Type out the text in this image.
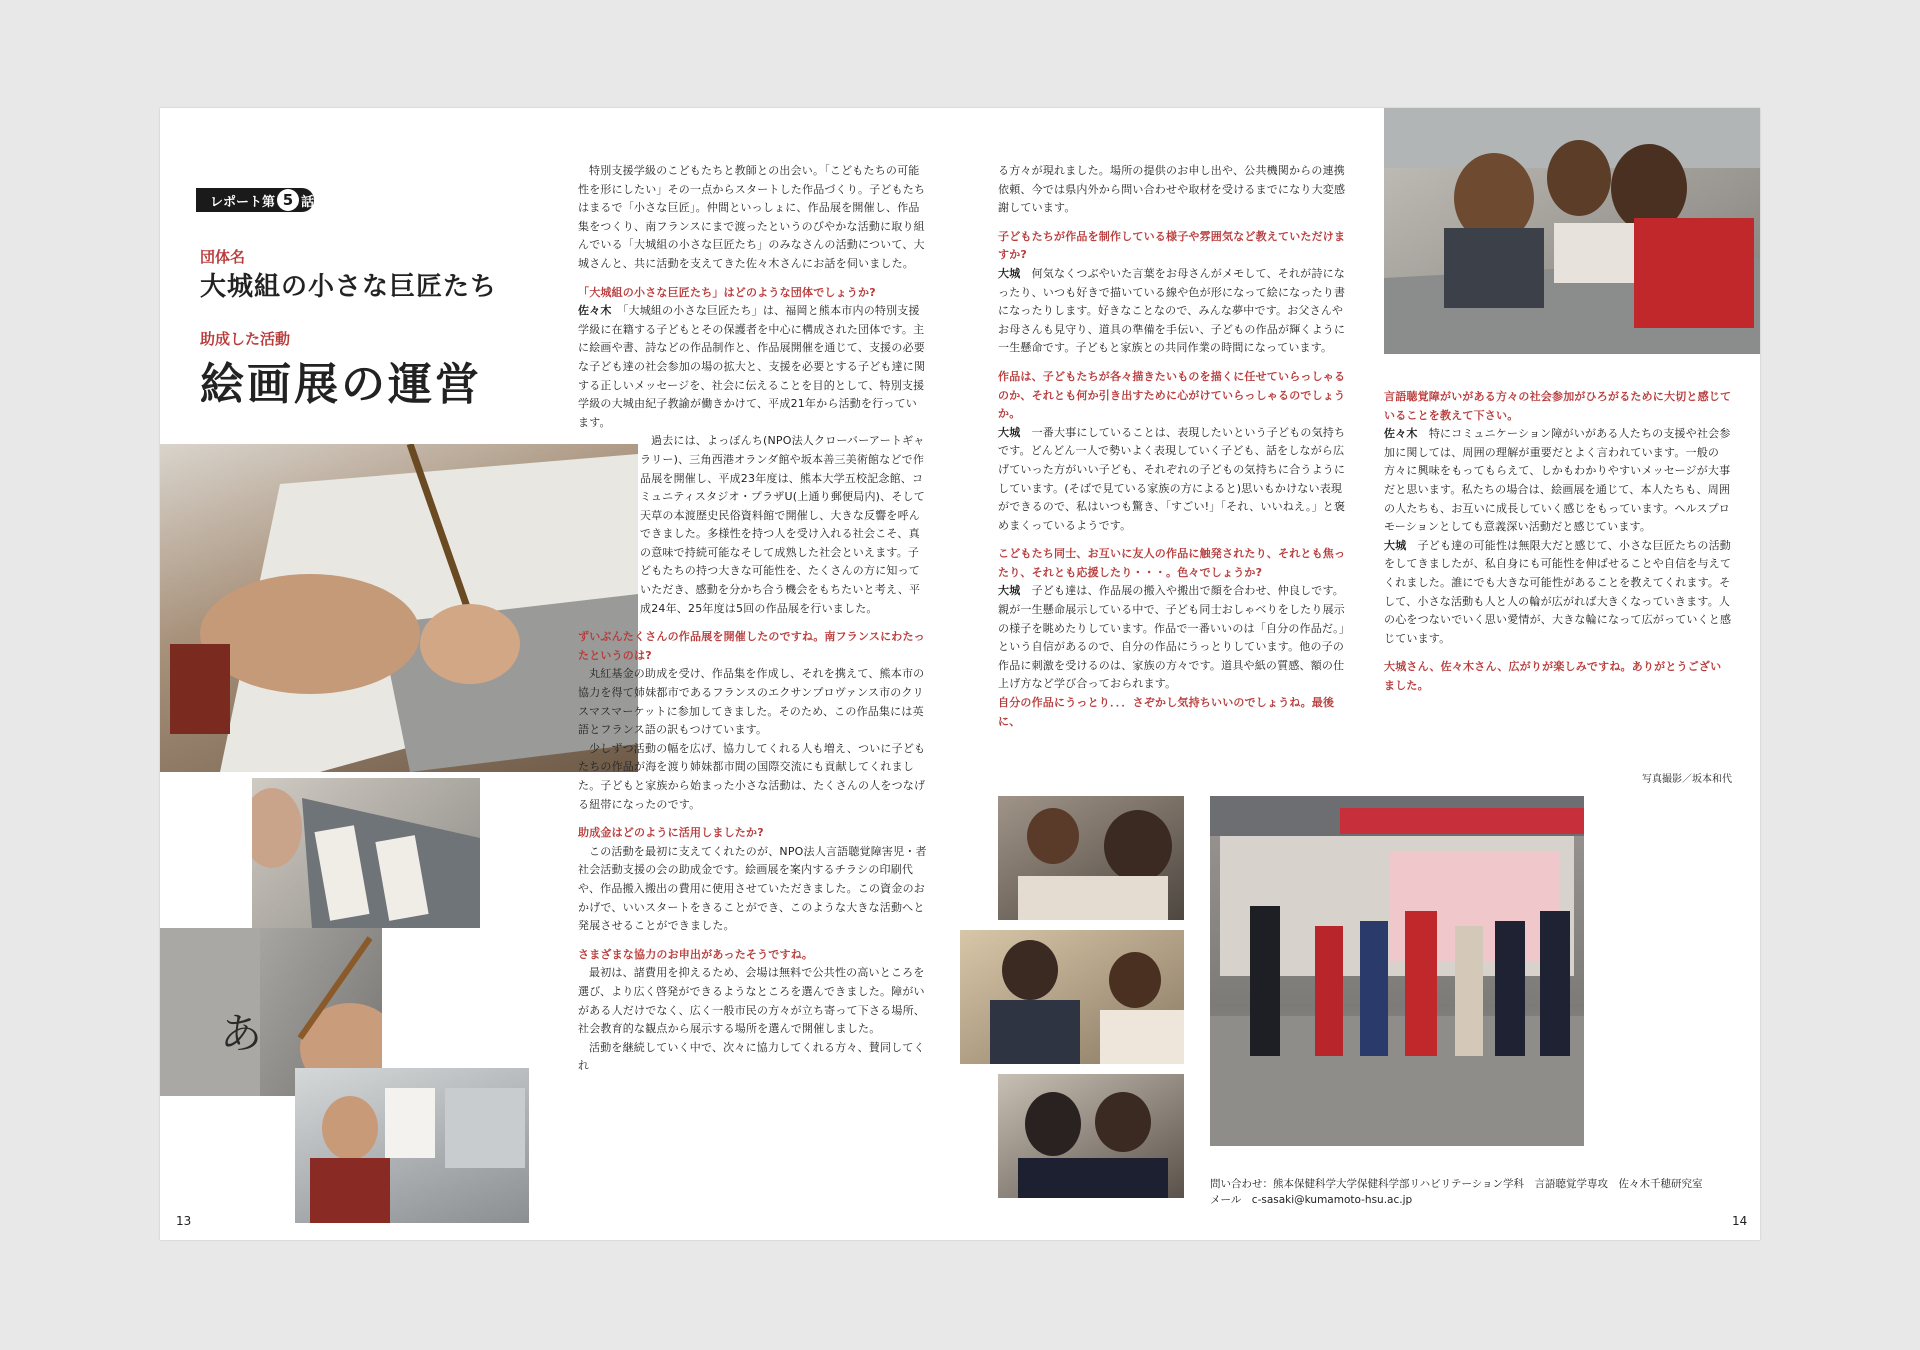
レポート第 5 話
団体名
大城組の小さな巨匠たち
助成した活動
絵画展の運営
あ

特別支援学級のこどもたちと教師との出会い。「こどもたちの可能性を形にしたい」その一点からスタートした作品づくり。子どもたちはまるで「小さな巨匠」。仲間といっしょに、作品展を開催し、作品集をつくり、南フランスにまで渡ったというのびやかな活動に取り組んでいる「大城組の小さな巨匠たち」のみなさんの活動について、大城さんと、共に活動を支えてきた佐々木さんにお話を伺いました。

「大城組の小さな巨匠たち」はどのような団体でしょうか?

佐々木　 「大城組の小さな巨匠たち」は、福岡と熊本市内の特別支援学級に在籍する子どもとその保護者を中心に構成された団体です。主に絵画や書、詩などの作品制作と、作品展開催を通じて、支援の必要な子ども達の社会参加の場の拡大と、支援を必要とする子ども達に関する正しいメッセージを、社会に伝えることを目的として、特別支援学級の大城由紀子教諭が働きかけて、平成21年から活動を行っています。

過去には、よっぽんち(NPO法人クローバーアートギャラリー)、三角西港オランダ館や坂本善三美術館などで作品展を開催し、平成23年度は、熊本大学五校記念館、コミュニティスタジオ・プラザU(上通り郵便局内)、そして天草の本渡歴史民俗資料館で開催し、大きな反響を呼んできました。多様性を持つ人を受け入れる社会こそ、真の意味で持続可能なそして成熟した社会といえます。子どもたちの持つ大きな可能性を、たくさんの方に知っていただき、感動を分かち合う機会をもちたいと考え、平成24年、25年度は5回の作品展を行いました。

ずいぶんたくさんの作品展を開催したのですね。南フランスにわたったというのは?

丸紅基金の助成を受け、作品集を作成し、それを携えて、熊本市の協力を得て姉妹都市であるフランスのエクサンプロヴァンス市のクリスマスマーケットに参加してきました。そのため、この作品集には英語とフランス語の訳もつけています。

少しずつ活動の幅を広げ、協力してくれる人も増え、ついに子どもたちの作品が海を渡り姉妹都市間の国際交流にも貢献してくれました。子どもと家族から始まった小さな活動は、たくさんの人をつなげる紐帯になったのです。

助成金はどのように活用しましたか?

この活動を最初に支えてくれたのが、NPO法人言語聴覚障害児・者社会活動支援の会の助成金です。絵画展を案内するチラシの印刷代や、作品搬入搬出の費用に使用させていただきました。この資金のおかげで、いいスタートをきることができ、このような大きな活動へと発展させることができました。

さまざまな協力のお申出があったそうですね。

最初は、諸費用を抑えるため、会場は無料で公共性の高いところを選び、より広く啓発ができるようなところを選んできました。障がいがある人だけでなく、広く一般市民の方々が立ち寄って下さる場所、社会教育的な観点から展示する場所を選んで開催しました。

活動を継続していく中で、次々に協力してくれる方々、賛同してくれ

る方々が現れました。場所の提供のお申し出や、公共機関からの連携依頼、今では県内外から問い合わせや取材を受けるまでになり大変感謝しています。

子どもたちが作品を制作している様子や雰囲気など教えていただけますか?

大城　 何気なくつぶやいた言葉をお母さんがメモして、それが詩になったり、いつも好きで描いている線や色が形になって絵になったり書になったりします。好きなことなので、みんな夢中です。お父さんやお母さんも見守り、道具の準備を手伝い、子どもの作品が輝くように一生懸命です。子どもと家族との共同作業の時間になっています。

作品は、子どもたちが各々描きたいものを描くに任せていらっしゃるのか、それとも何か引き出すために心がけていらっしゃるのでしょうか。

大城　 一番大事にしていることは、表現したいという子どもの気持ちです。どんどん一人で勢いよく表現していく子ども、話をしながら広げていった方がいい子ども、それぞれの子どもの気持ちに合うようにしています。(そばで見ている家族の方によると)思いもかけない表現ができるので、私はいつも驚き、「すごい!」「それ、いいねえ。」と褒めまくっているようです。

こどもたち同士、お互いに友人の作品に触発されたり、それとも焦ったり、それとも応援したり・・・。色々でしょうか?

大城　 子ども達は、作品展の搬入や搬出で顔を合わせ、仲良しです。親が一生懸命展示している中で、子ども同士おしゃべりをしたり展示の様子を眺めたりしています。作品で一番いいのは「自分の作品だ。」という自信があるので、自分の作品にうっとりしています。他の子の作品に刺激を受けるのは、家族の方々です。道具や紙の質感、額の仕上げ方など学び合っておられます。

自分の作品にうっとり．．．さぞかし気持ちいいのでしょうね。最後に、

言語聴覚障がいがある方々の社会参加がひろがるために大切と感じていることを教えて下さい。

佐々木　 特にコミュニケーション障がいがある人たちの支援や社会参加に関しては、周囲の理解が重要だとよく言われています。一般の方々に興味をもってもらえて、しかもわかりやすいメッセージが大事だと思います。私たちの場合は、絵画展を通じて、本人たちも、周囲の人たちも、お互いに成長していく感じをもっています。ヘルスプロモーションとしても意義深い活動だと感じています。

大城　 子ども達の可能性は無限大だと感じて、小さな巨匠たちの活動をしてきましたが、私自身にも可能性を伸ばせることや自信を与えてくれました。誰にでも大きな可能性があることを教えてくれます。そして、小さな活動も人と人の輪が広がれば大きくなっていきます。人の心をつないでいく思い愛情が、大きな輪になって広がっていくと感じています。

大城さん、佐々木さん、広がりが楽しみですね。ありがとうございました。

写真撮影／坂本和代
問い合わせ：熊本保健科学大学保健科学部リハビリテーション学科　言語聴覚学専攻　佐々木千穂研究室
メール　c-sasaki@kumamoto-hsu.ac.jp
13	14
